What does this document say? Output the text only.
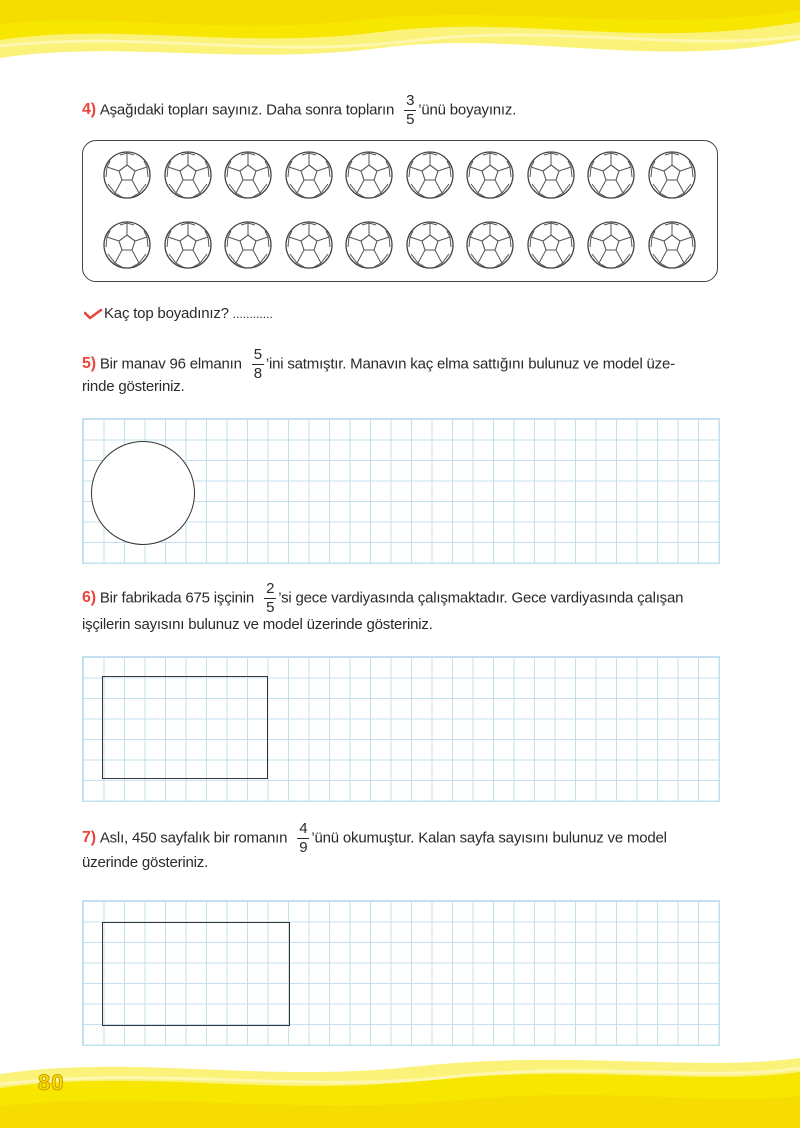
4) Aşağıdaki topları sayınız. Daha sonra topların $\frac{3}{5}$ ’ünü boyayınız.
Kaç top boyadınız? ............
5) Bir manav 96 elmanın $\frac{5}{8}$ ’ini satmıştır. Manavın kaç elma sattığını bulunuz ve model üze-
rinde gösteriniz.
6) Bir fabrikada 675 işçinin $\frac{2}{5}$ ’si gece vardiyasında çalışmaktadır. Gece vardiyasında çalışan
işçilerin sayısını bulunuz ve model üzerinde gösteriniz.
7) Aslı, 450 sayfalık bir romanın $\frac{4}{9}$ ’ünü okumuştur. Kalan sayfa sayısını bulunuz ve model
üzerinde gösteriniz.
80
